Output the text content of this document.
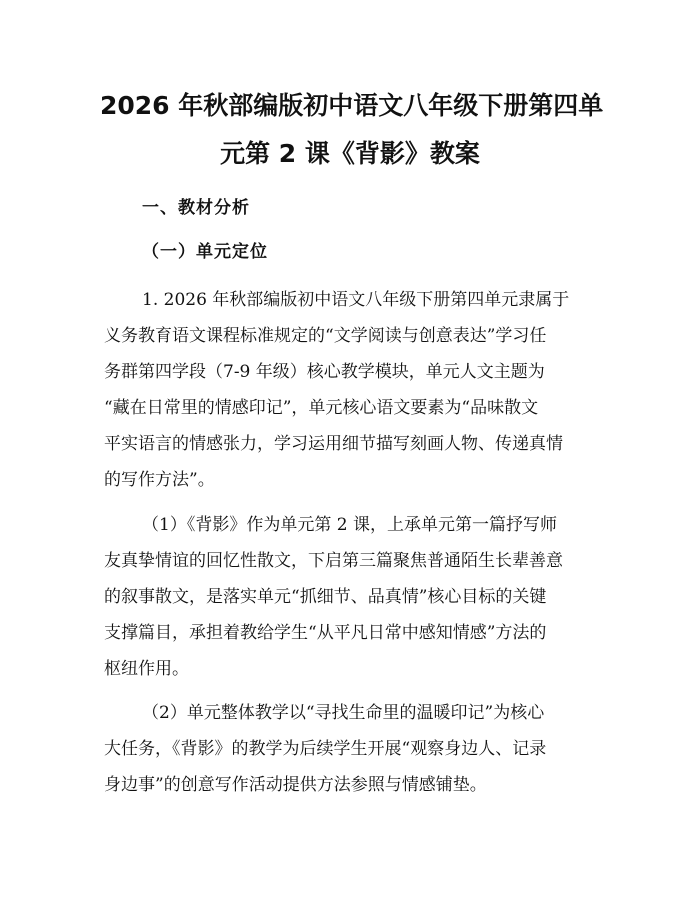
2026 年秋部编版初中语文八年级下册第四单
元第 2 课《背影》教案
一、教材分析
（一）单元定位
1. 2026 年秋部编版初中语文八年级下册第四单元隶属于
义务教育语文课程标准规定的“文学阅读与创意表达”学习任
务群第四学段（7-9 年级）核心教学模块，单元人文主题为
“藏在日常里的情感印记”，单元核心语文要素为“品味散文
平实语言的情感张力，学习运用细节描写刻画人物、传递真情
的写作方法”。
（1）《背影》作为单元第 2 课，上承单元第一篇抒写师
友真挚情谊的回忆性散文，下启第三篇聚焦普通陌生长辈善意
的叙事散文，是落实单元“抓细节、品真情”核心目标的关键
支撑篇目，承担着教给学生“从平凡日常中感知情感”方法的
枢纽作用。
（2）单元整体教学以“寻找生命里的温暖印记”为核心
大任务，《背影》的教学为后续学生开展“观察身边人、记录
身边事”的创意写作活动提供方法参照与情感铺垫。
